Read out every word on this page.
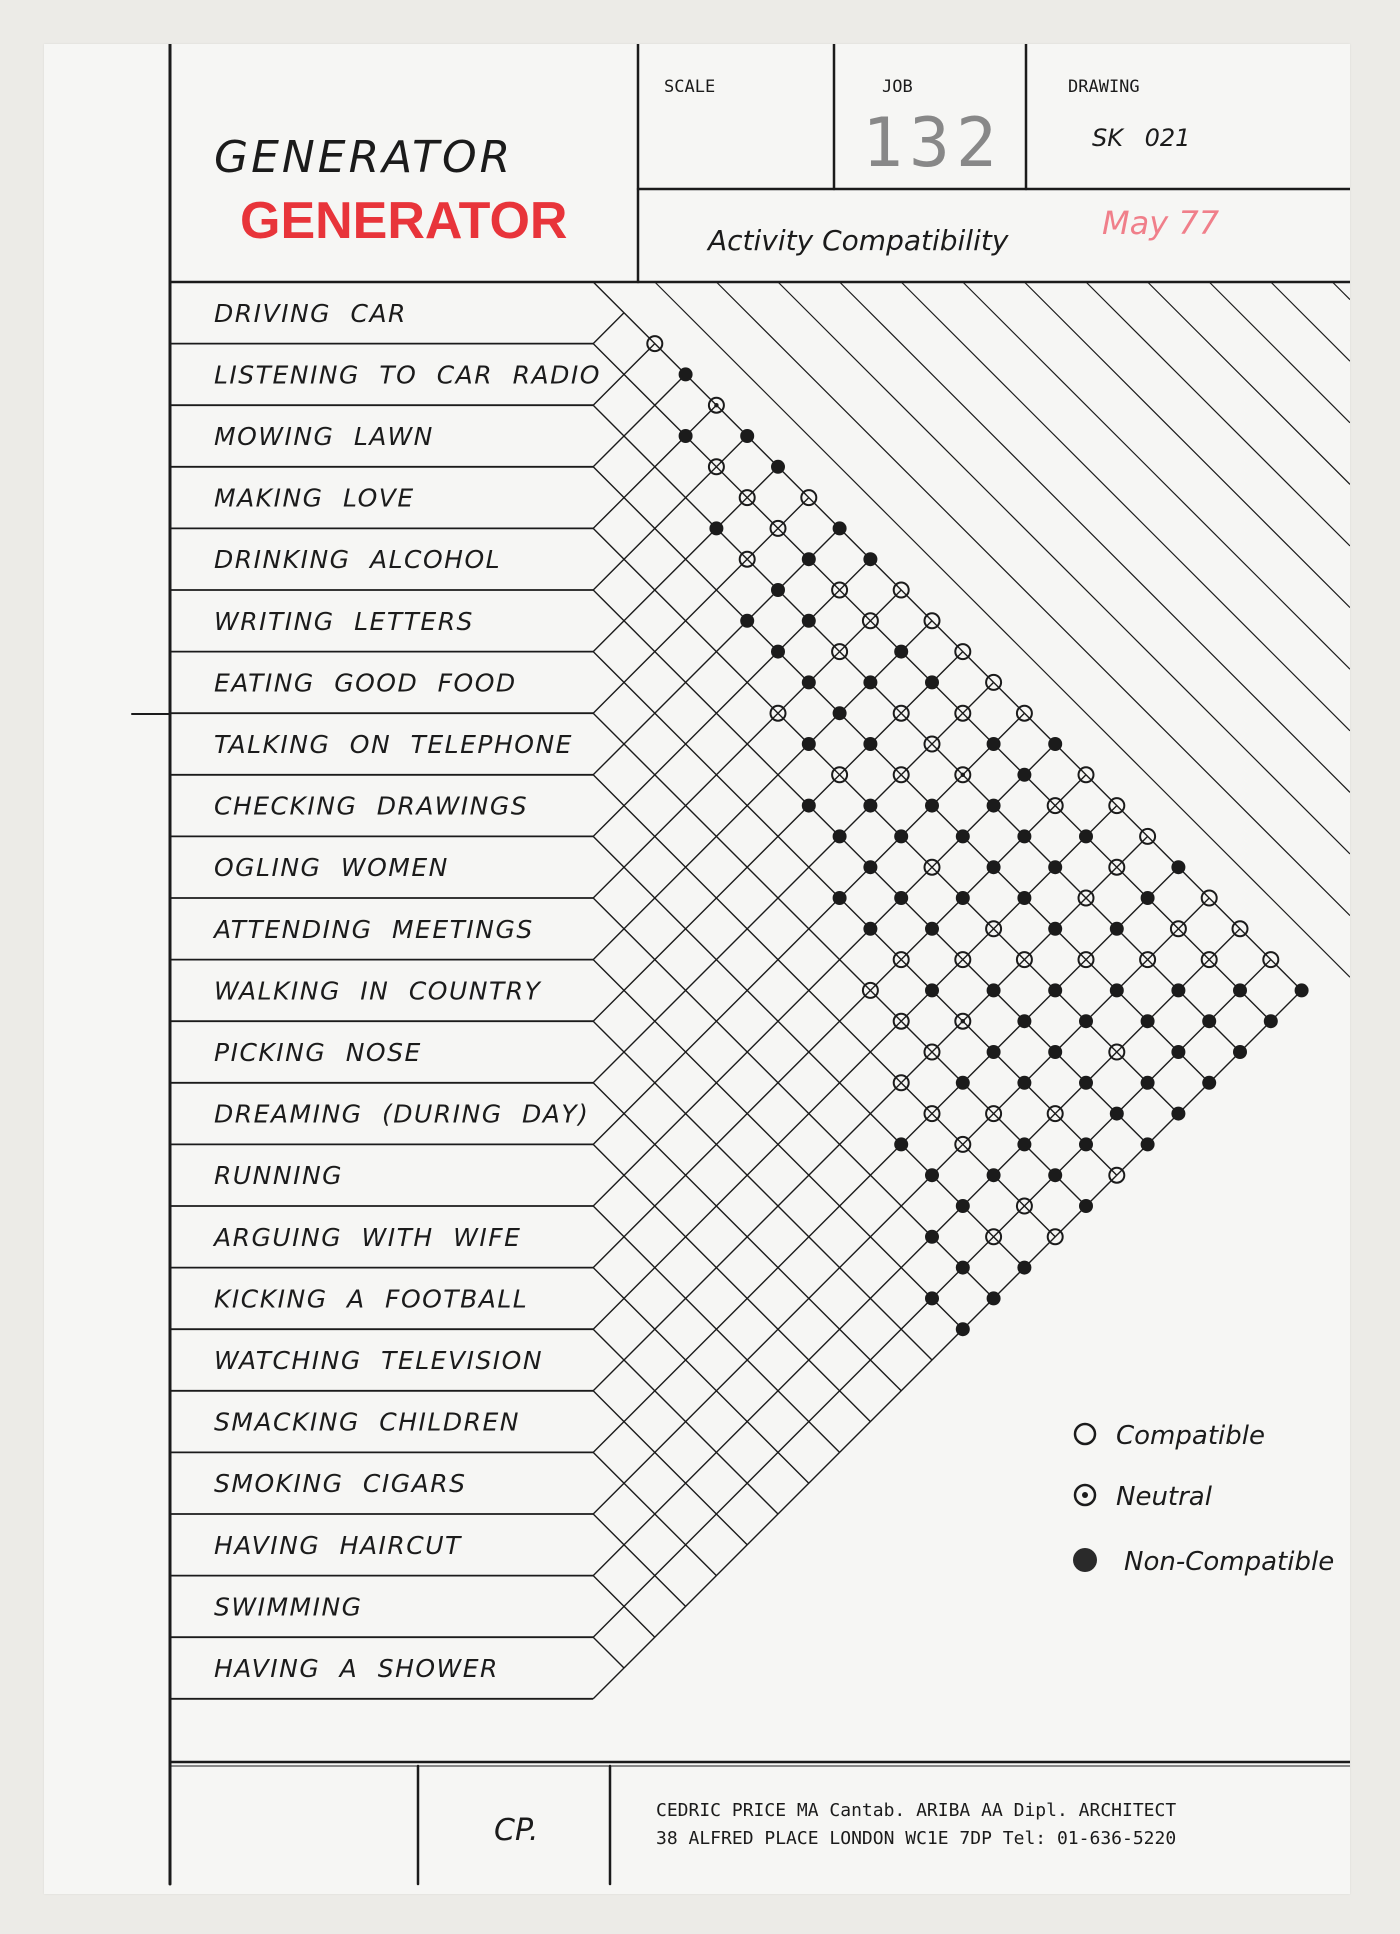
DRIVING CAR
LISTENING TO CAR RADIO
MOWING LAWN
MAKING LOVE
DRINKING ALCOHOL
WRITING LETTERS
EATING GOOD FOOD
TALKING ON TELEPHONE
CHECKING DRAWINGS
OGLING WOMEN
ATTENDING MEETINGS
WALKING IN COUNTRY
PICKING NOSE
DREAMING (DURING DAY)
RUNNING
ARGUING WITH WIFE
KICKING A FOOTBALL
WATCHING TELEVISION
SMACKING CHILDREN
SMOKING CIGARS
HAVING HAIRCUT
SWIMMING
HAVING A SHOWER
GENERATOR
GENERATOR
SCALE	JOB
132
DRAWING
SK 021
Activity Compatibility	May 77
Compatible
Neutral
Non-Compatible
CP.
CEDRIC PRICE MA Cantab. ARIBA AA Dipl. ARCHITECT
38 ALFRED PLACE LONDON WC1E 7DP Tel: 01-636-5220
